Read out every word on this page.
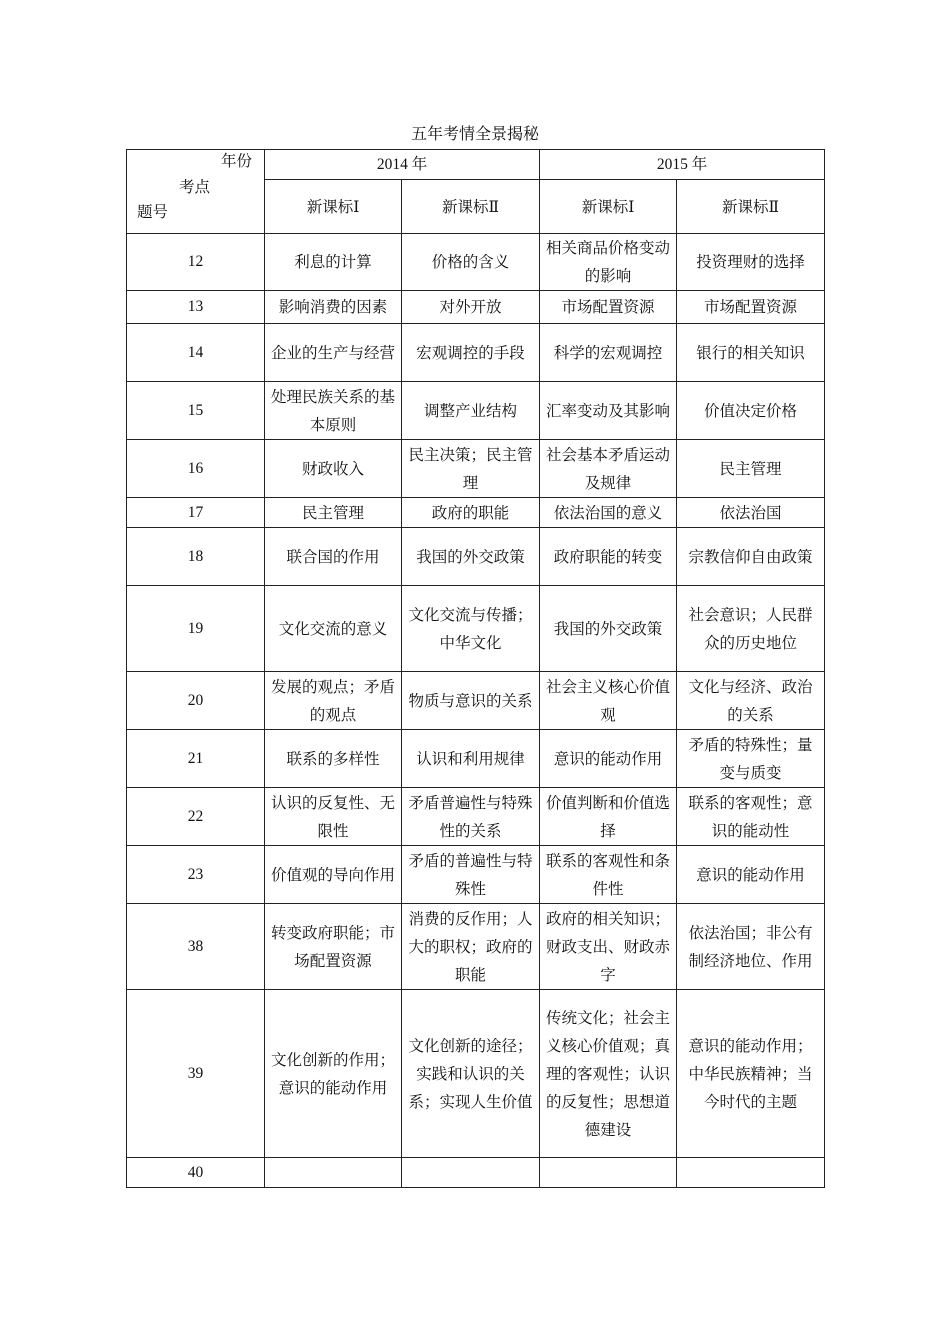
五年考情全景揭秘
年份
考点
题号	2014 年		2015 年	
	新课标Ⅰ	新课标Ⅱ	新课标Ⅰ	新课标Ⅱ
12	利息的计算	价格的含义	相关商品价格变动的影响	投资理财的选择
13	影响消费的因素	对外开放	市场配置资源	市场配置资源
14	企业的生产与经营	宏观调控的手段	科学的宏观调控	银行的相关知识
15	处理民族关系的基本原则	调整产业结构	汇率变动及其影响	价值决定价格
16	财政收入	民主决策；民主管理	社会基本矛盾运动及规律	民主管理
17	民主管理	政府的职能	依法治国的意义	依法治国
18	联合国的作用	我国的外交政策	政府职能的转变	宗教信仰自由政策
19	文化交流的意义	文化交流与传播；中华文化	我国的外交政策	社会意识；人民群众的历史地位
20	发展的观点；矛盾的观点	物质与意识的关系	社会主义核心价值观	文化与经济、政治的关系
21	联系的多样性	认识和利用规律	意识的能动作用	矛盾的特殊性；量变与质变
22	认识的反复性、无限性	矛盾普遍性与特殊性的关系	价值判断和价值选择	联系的客观性；意识的能动性
23	价值观的导向作用	矛盾的普遍性与特殊性	联系的客观性和条件性	意识的能动作用
38	转变政府职能；市场配置资源	消费的反作用；人大的职权；政府的职能	政府的相关知识；财政支出、财政赤字	依法治国；非公有制经济地位、作用
39	文化创新的作用；意识的能动作用	文化创新的途径；实践和认识的关系；实现人生价值	传统文化；社会主义核心价值观；真理的客观性；认识的反复性；思想道德建设	意识的能动作用；中华民族精神；当今时代的主题
40				
